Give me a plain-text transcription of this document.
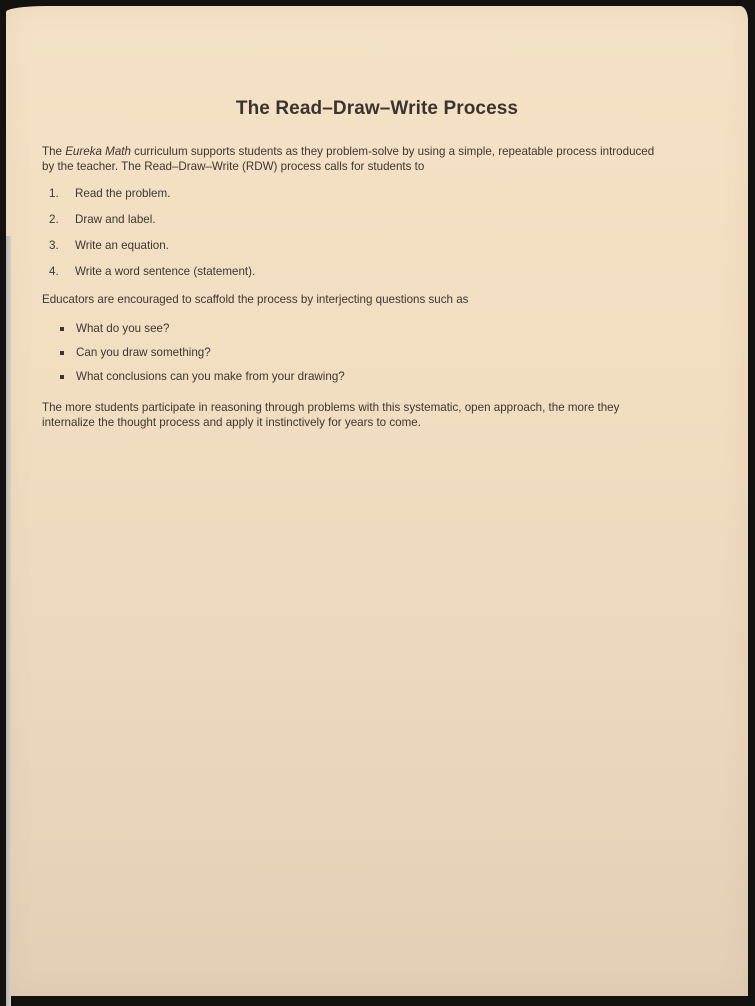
The Read–Draw–Write Process
The Eureka Math curriculum supports students as they problem-solve by using a simple, repeatable process introduced by the teacher. The Read–Draw–Write (RDW) process calls for students to
1.	Read the problem.
2.	Draw and label.
3.	Write an equation.
4.	Write a word sentence (statement).
Educators are encouraged to scaffold the process by interjecting questions such as
What do you see?
Can you draw something?
What conclusions can you make from your drawing?
The more students participate in reasoning through problems with this systematic, open approach, the more they internalize the thought process and apply it instinctively for years to come.
